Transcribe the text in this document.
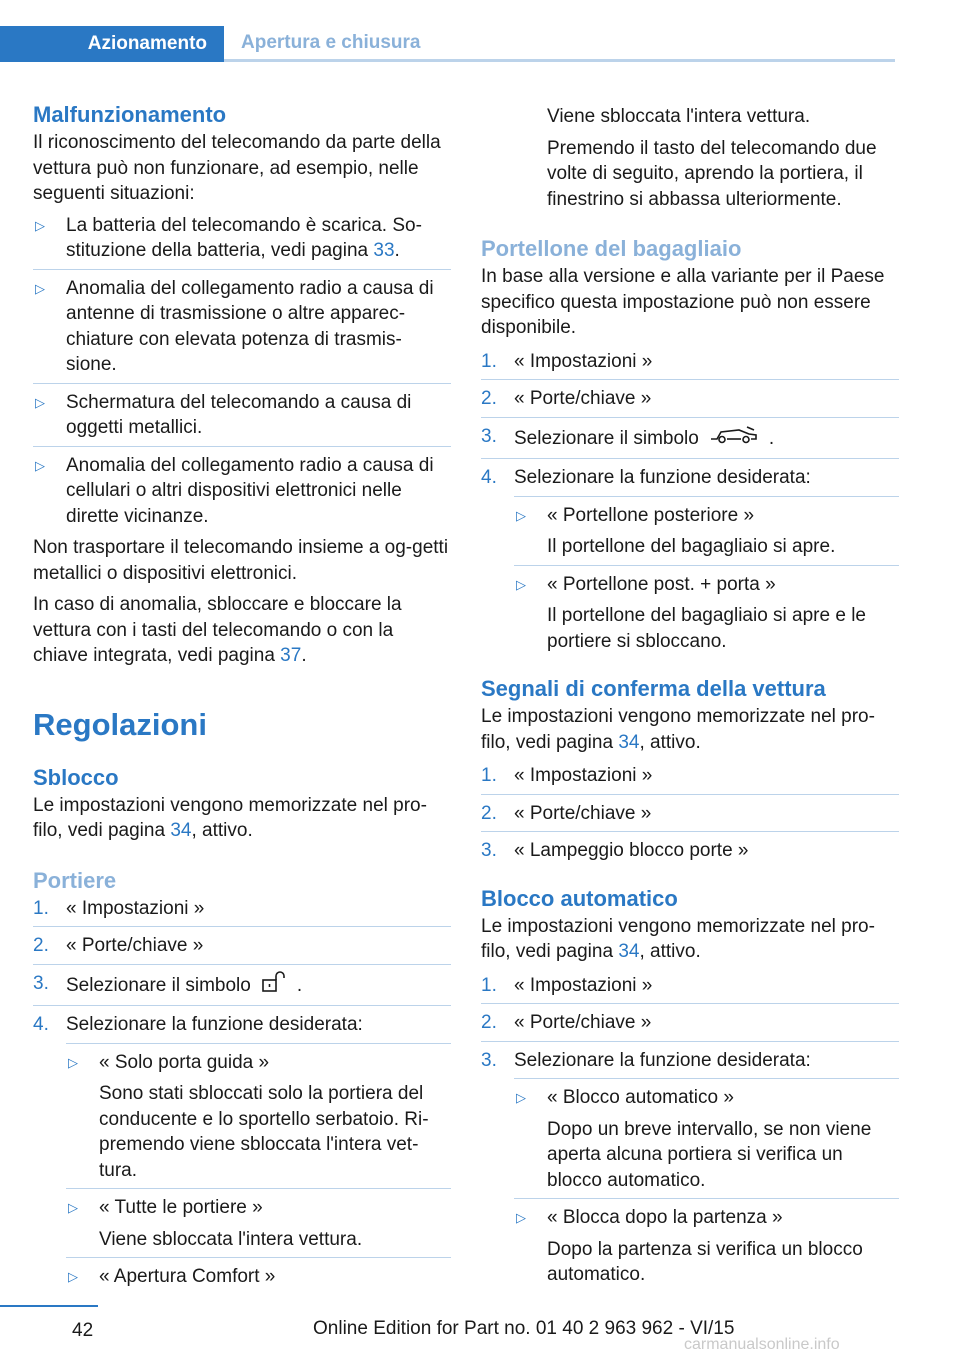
Azionamento	Apertura e chiusura
Malfunzionamento
Il riconoscimento del telecomando da parte della vettura può non funzionare, ad esempio, nelle seguenti situazioni:
▷	La batteria del telecomando è scarica. So-stituzione della batteria, vedi pagina 33.
▷	Anomalia del collegamento radio a causa di antenne di trasmissione o altre apparec-chiature con elevata potenza di trasmis-sione.
▷	Schermatura del telecomando a causa di oggetti metallici.
▷	Anomalia del collegamento radio a causa di cellulari o altri dispositivi elettronici nelle dirette vicinanze.
Non trasportare il telecomando insieme a og-getti metallici o dispositivi elettronici.
In caso di anomalia, sbloccare e bloccare la vettura con i tasti del telecomando o con la chiave integrata, vedi pagina 37.
Regolazioni
Sblocco
Le impostazioni vengono memorizzate nel pro-filo, vedi pagina 34, attivo.
Portiere
1. « Impostazioni »
2. « Porte/chiave »
3. Selezionare il simbolo .
4. Selezionare la funzione desiderata:
▷	« Solo porta guida »
Sono stati sbloccati solo la portiera del conducente e lo sportello serbatoio. Ri-premendo viene sbloccata l'intera vet-tura.
▷	« Tutte le portiere »
Viene sbloccata l'intera vettura.
▷	« Apertura Comfort »
Viene sbloccata l'intera vettura.
Premendo il tasto del telecomando due volte di seguito, aprendo la portiera, il finestrino si abbassa ulteriormente.
Portellone del bagagliaio
In base alla versione e alla variante per il Paese specifico questa impostazione può non essere disponibile.
1. « Impostazioni »
2. « Porte/chiave »
3. Selezionare il simbolo	.
4. Selezionare la funzione desiderata:
▷	« Portellone posteriore »
Il portellone del bagagliaio si apre.
▷	« Portellone post. + porta »
Il portellone del bagagliaio si apre e le portiere si sbloccano.
Segnali di conferma della vettura
Le impostazioni vengono memorizzate nel pro-filo, vedi pagina 34, attivo.
1. « Impostazioni »
2. « Porte/chiave »
3. « Lampeggio blocco porte »
Blocco automatico
Le impostazioni vengono memorizzate nel pro-filo, vedi pagina 34, attivo.
1. « Impostazioni »
2. « Porte/chiave »
3. Selezionare la funzione desiderata:
▷	« Blocco automatico »
Dopo un breve intervallo, se non viene aperta alcuna portiera si verifica un blocco automatico.
▷	« Blocca dopo la partenza »
Dopo la partenza si verifica un blocco automatico.
42	Online Edition for Part no. 01 40 2 963 962 - VI/15
carmanualsonline.info
